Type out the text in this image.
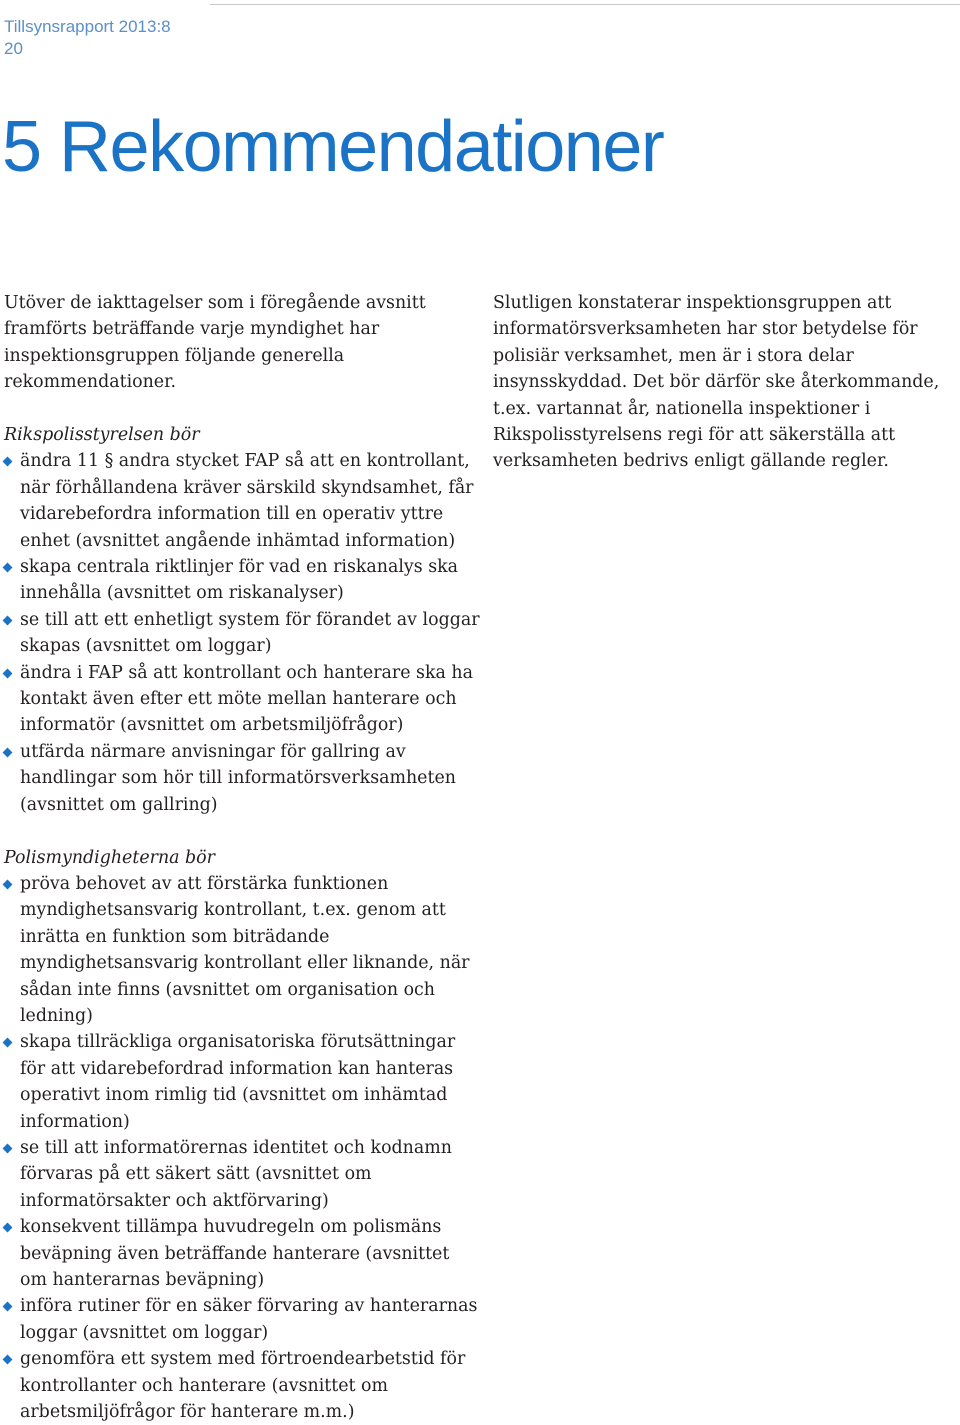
Tillsynsrapport 2013:8
20
5 Rekommendationer

Utöver de iakttagelser som i föregående avsnitt framförts beträffande varje myndighet har inspektionsgruppen följande generella rekommendationer.

Rikspolisstyrelsen bör

ändra 11 § andra stycket FAP så att en kontrollant, när förhållandena kräver särskild skyndsamhet, får vidarebefordra information till en operativ yttre enhet (avsnittet angående inhämtad information)
skapa centrala riktlinjer för vad en riskanalys ska innehålla (avsnittet om riskanalyser)
se till att ett enhetligt system för förandet av loggar skapas (avsnittet om loggar)
ändra i FAP så att kontrollant och hanterare ska ha kontakt även efter ett möte mellan hanterare och informatör (avsnittet om arbetsmiljöfrågor)
utfärda närmare anvisningar för gallring av handlingar som hör till informatörsverksamheten (avsnittet om gallring)

Polismyndigheterna bör

pröva behovet av att förstärka funktionen myndighetsansvarig kontrollant, t.ex. genom att inrätta en funktion som biträdande myndighetsansvarig kontrollant eller liknande, när sådan inte finns (avsnittet om organisation och ledning)
skapa tillräckliga organisatoriska förutsättningar för att vidarebefordrad information kan hanteras operativt inom rimlig tid (avsnittet om inhämtad information)
se till att informatörernas identitet och kodnamn förvaras på ett säkert sätt (avsnittet om informatörsakter och aktförvaring)
konsekvent tillämpa huvudregeln om polismäns beväpning även beträffande hanterare (avsnittet om hanterarnas beväpning)
införa rutiner för en säker förvaring av hanterarnas loggar (avsnittet om loggar)
genomföra ett system med förtroendearbetstid för kontrollanter och hanterare (avsnittet om arbetsmiljöfrågor för hanterare m.m.)

Slutligen konstaterar inspektionsgruppen att informatörsverksamheten har stor betydelse för polisiär verksamhet, men är i stora delar insynsskyddad. Det bör därför ske återkommande, t.ex. vartannat år, nationella inspektioner i Rikspolisstyrelsens regi för att säkerställa att verksamheten bedrivs enligt gällande regler.
